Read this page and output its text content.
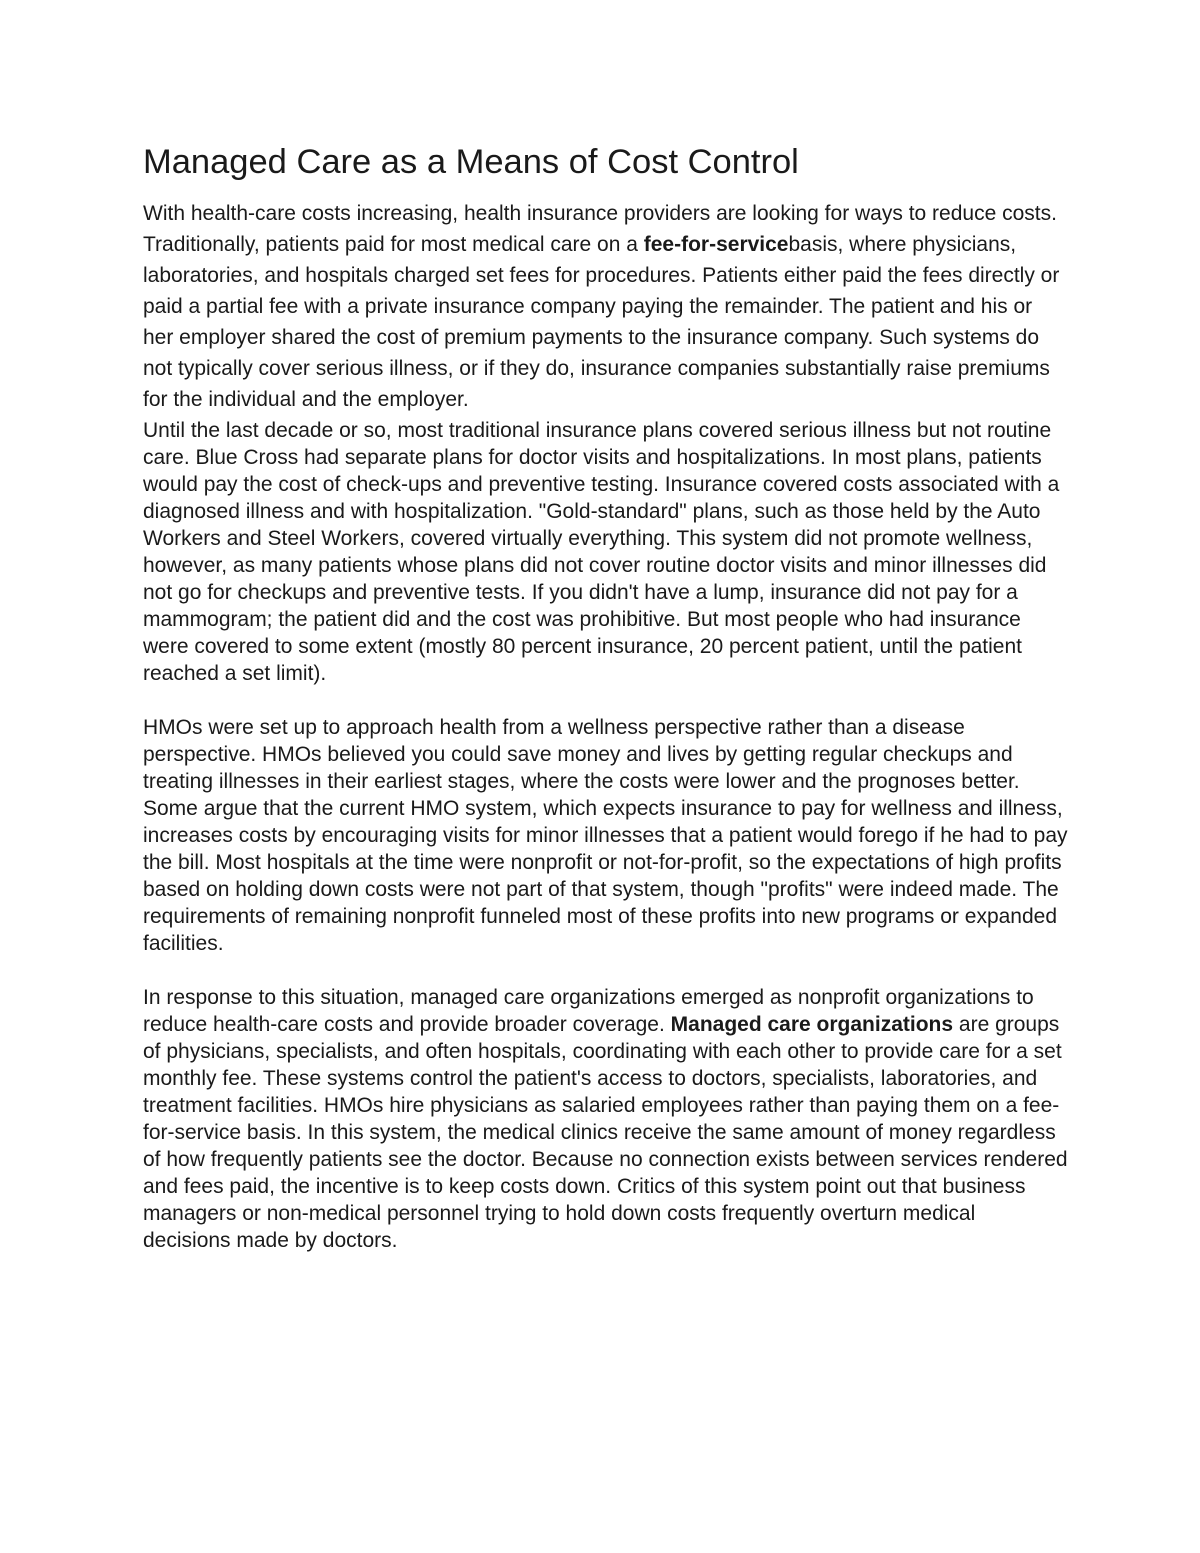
Managed Care as a Means of Cost Control

With health-care costs increasing, health insurance providers are looking for ways to reduce costs. Traditionally, patients paid for most medical care on a fee-for-servicebasis, where physicians, laboratories, and hospitals charged set fees for procedures. Patients either paid the fees directly or paid a partial fee with a private insurance company paying the remainder. The patient and his or her employer shared the cost of premium payments to the insurance company. Such systems do not typically cover serious illness, or if they do, insurance companies substantially raise premiums for the individual and the employer.

Until the last decade or so, most traditional insurance plans covered serious illness but not routine care. Blue Cross had separate plans for doctor visits and hospitalizations. In most plans, patients would pay the cost of check-ups and preventive testing. Insurance covered costs associated with a diagnosed illness and with hospitalization. "Gold-standard" plans, such as those held by the Auto Workers and Steel Workers, covered virtually everything. This system did not promote wellness, however, as many patients whose plans did not cover routine doctor visits and minor illnesses did not go for checkups and preventive tests. If you didn't have a lump, insurance did not pay for a mammogram; the patient did and the cost was prohibitive. But most people who had insurance were covered to some extent (mostly 80 percent insurance, 20 percent patient, until the patient reached a set limit).

HMOs were set up to approach health from a wellness perspective rather than a disease perspective. HMOs believed you could save money and lives by getting regular checkups and treating illnesses in their earliest stages, where the costs were lower and the prognoses better. Some argue that the current HMO system, which expects insurance to pay for wellness and illness, increases costs by encouraging visits for minor illnesses that a patient would forego if he had to pay the bill. Most hospitals at the time were nonprofit or not-for-profit, so the expectations of high profits based on holding down costs were not part of that system, though "profits" were indeed made. The requirements of remaining nonprofit funneled most of these profits into new programs or expanded facilities.

In response to this situation, managed care organizations emerged as nonprofit organizations to reduce health-care costs and provide broader coverage. Managed care organizations are groups of physicians, specialists, and often hospitals, coordinating with each other to provide care for a set monthly fee. These systems control the patient's access to doctors, specialists, laboratories, and treatment facilities. HMOs hire physicians as salaried employees rather than paying them on a fee-for-service basis. In this system, the medical clinics receive the same amount of money regardless of how frequently patients see the doctor. Because no connection exists between services rendered and fees paid, the incentive is to keep costs down. Critics of this system point out that business managers or non-medical personnel trying to hold down costs frequently overturn medical decisions made by doctors.
